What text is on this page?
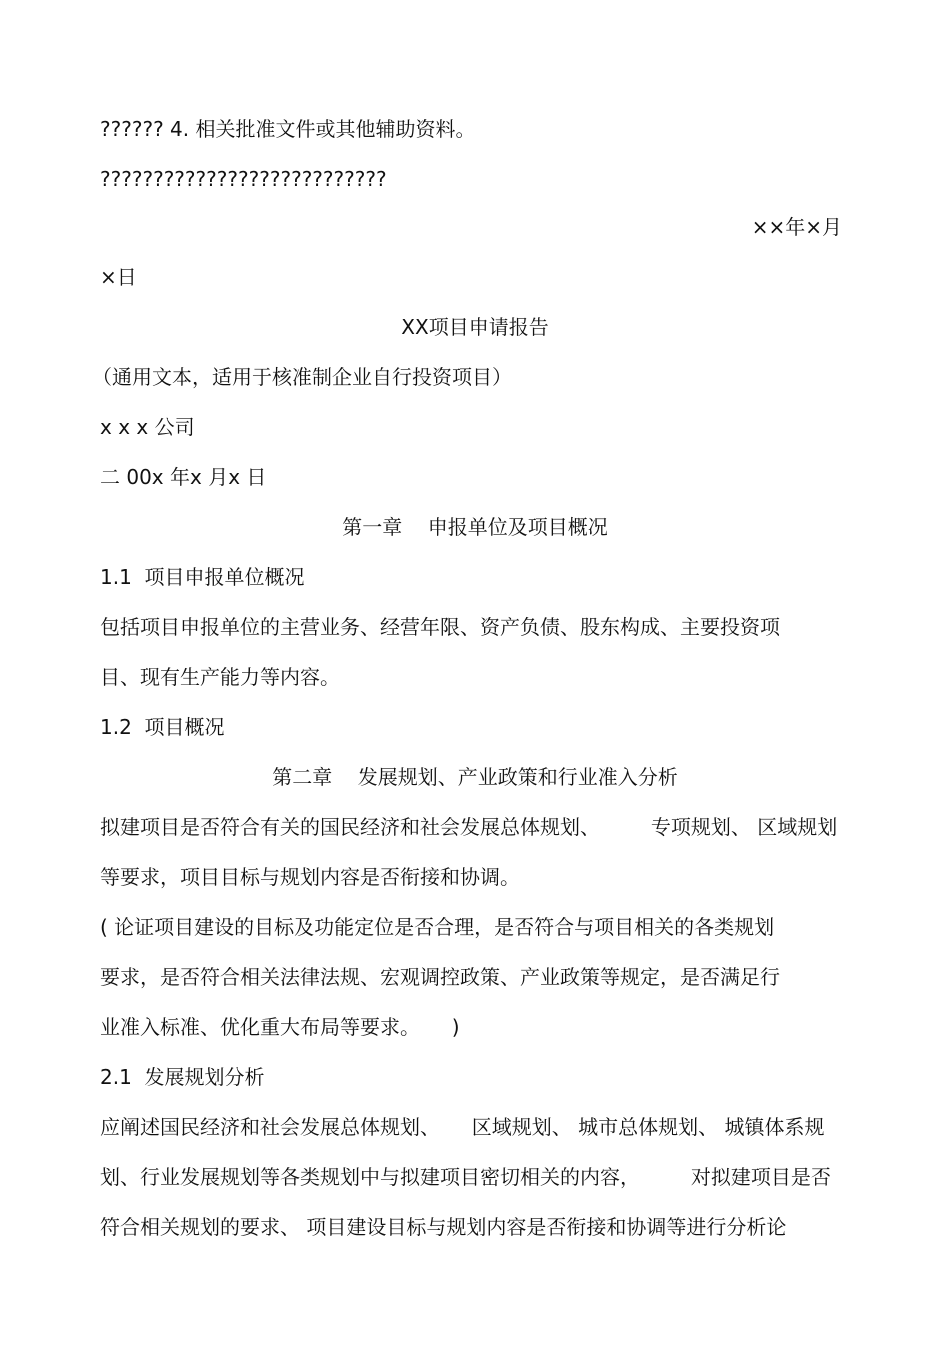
?????? 4. 相关批准文件或其他辅助资料。

???????????????????????????

××年×月

×日

XX项目申请报告

（通用文本，适用于核准制企业自行投资项目）

x x x 公司

二 00x 年x 月x 日

第一章    申报单位及项目概况

1.1  项目申报单位概况

包括项目申报单位的主营业务、经营年限、资产负债、股东构成、主要投资项

目、现有生产能力等内容。

1.2  项目概况

第二章    发展规划、产业政策和行业准入分析

拟建项目是否符合有关的国民经济和社会发展总体规划、        专项规划、 区域规划

等要求，项目目标与规划内容是否衔接和协调。

( 论证项目建设的目标及功能定位是否合理，是否符合与项目相关的各类规划

要求，是否符合相关法律法规、宏观调控政策、产业政策等规定，是否满足行

业准入标准、优化重大布局等要求。     )

2.1  发展规划分析

应阐述国民经济和社会发展总体规划、     区域规划、 城市总体规划、 城镇体系规

划、行业发展规划等各类规划中与拟建项目密切相关的内容，        对拟建项目是否

符合相关规划的要求、 项目建设目标与规划内容是否衔接和协调等进行分析论
